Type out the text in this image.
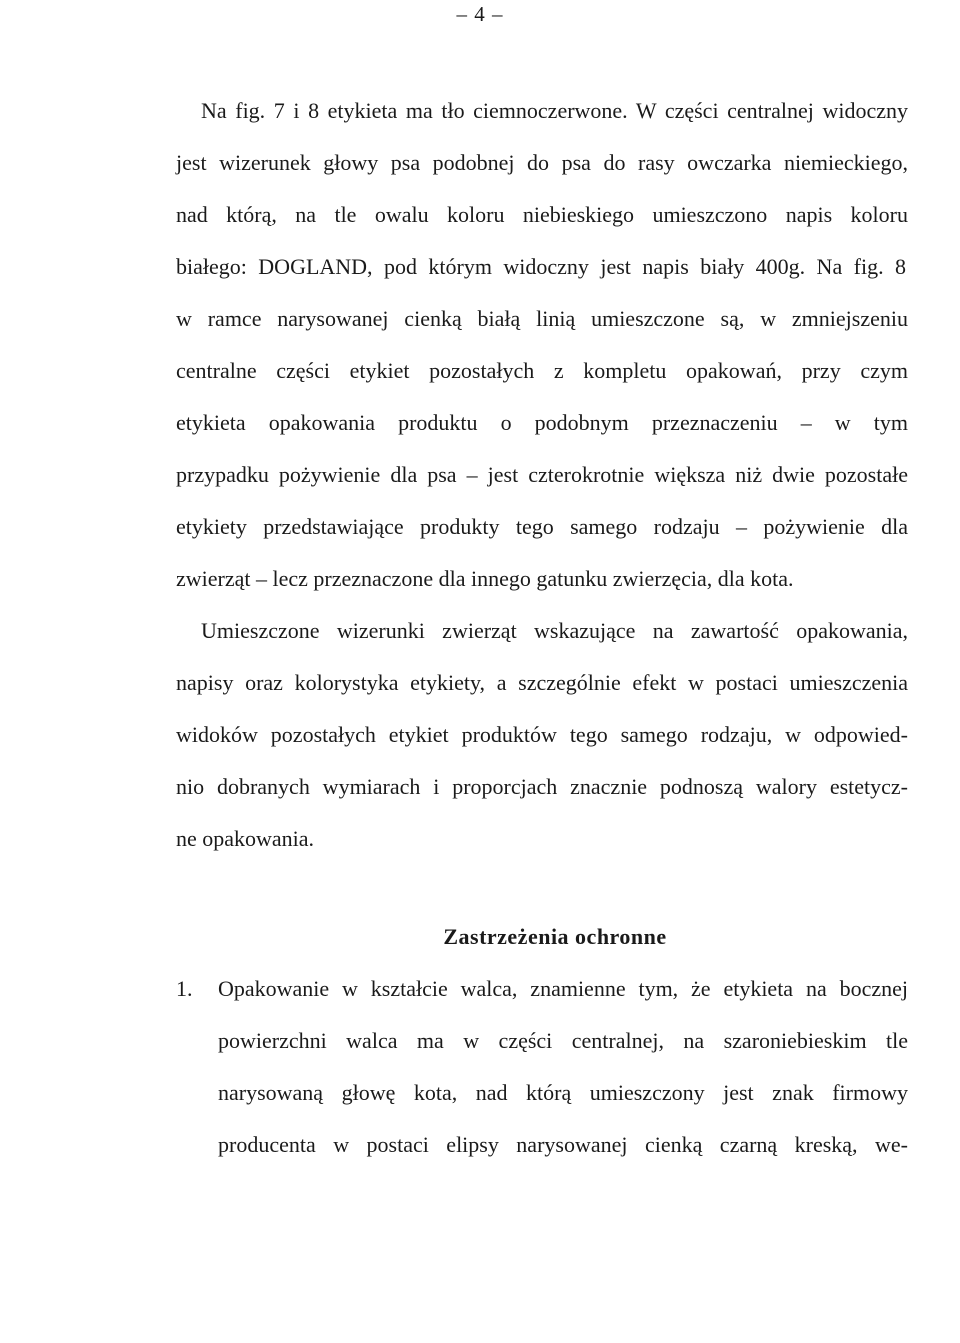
– 4 –
Na fig. 7 i 8 etykieta ma tło ciemnoczerwone. W części centralnej widoczny
jest wizerunek głowy psa podobnej do psa do rasy owczarka niemieckiego,
nad którą, na tle owalu koloru niebieskiego umieszczono napis koloru
białego: DOGLAND, pod którym widoczny jest napis biały 400g. Na fig. 8
w ramce narysowanej cienką białą linią umieszczone są, w zmniejszeniu
centralne części etykiet pozostałych z kompletu opakowań, przy czym
etykieta opakowania produktu o podobnym przeznaczeniu – w tym
przypadku pożywienie dla psa – jest czterokrotnie większa niż dwie pozostałe
etykiety przedstawiające produkty tego samego rodzaju – pożywienie dla
zwierząt – lecz przeznaczone dla innego gatunku zwierzęcia, dla kota.
Umieszczone wizerunki zwierząt wskazujące na zawartość opakowania,
napisy oraz kolorystyka etykiety, a szczególnie efekt w postaci umieszczenia
widoków pozostałych etykiet produktów tego samego rodzaju, w odpowied-
nio dobranych wymiarach i proporcjach znacznie podnoszą walory estetycz-
ne opakowania.
Zastrzeżenia ochronne
1. Opakowanie w kształcie walca, znamienne tym, że etykieta na bocznej
powierzchni walca ma w części centralnej, na szaroniebieskim tle
narysowaną głowę kota, nad którą umieszczony jest znak firmowy
producenta w postaci elipsy narysowanej cienką czarną kreską, we-
